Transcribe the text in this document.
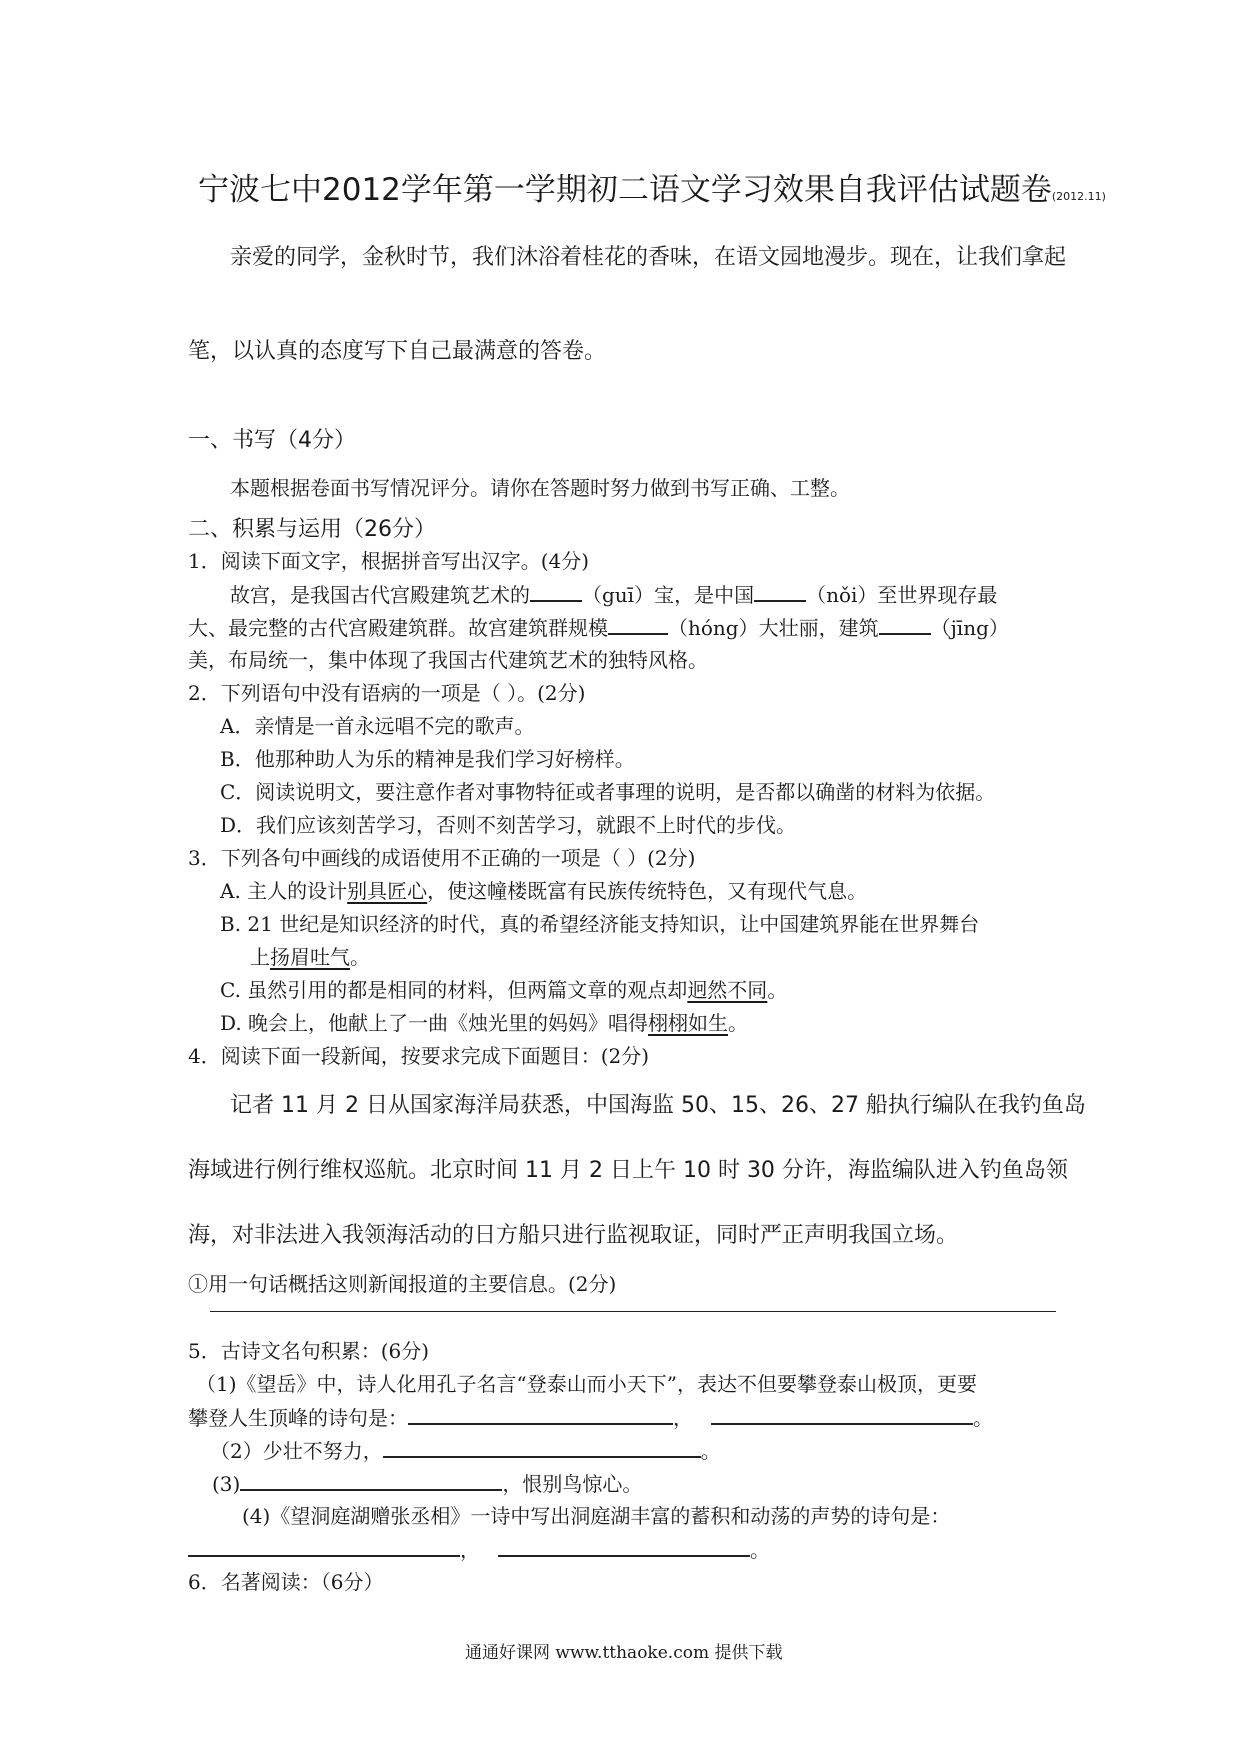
宁波七中2012学年第一学期初二语文学习效果自我评估试题卷(2012.11)
亲爱的同学，金秋时节，我们沐浴着桂花的香味，在语文园地漫步。现在，让我们拿起
笔，以认真的态度写下自己最满意的答卷。
一、书写（4分）
本题根据卷面书写情况评分。请你在答题时努力做到书写正确、工整。
二、积累与运用（26分）
1．阅读下面文字，根据拼音写出汉字。(4分)
故宫，是我国古代宫殿建筑艺术的	（guī）宝，是中国	（nǒi）至世界现存最
大、最完整的古代宫殿建筑群。故宫建筑群规模	（hóng）大壮丽，建筑	（jīng）
美，布局统一，集中体现了我国古代建筑艺术的独特风格。
2．下列语句中没有语病的一项是（ ）。(2分)
A．亲情是一首永远唱不完的歌声。
B．他那种助人为乐的精神是我们学习好榜样。
C．阅读说明文，要注意作者对事物特征或者事理的说明，是否都以确凿的材料为依据。
D．我们应该刻苦学习，否则不刻苦学习，就跟不上时代的步伐。
3．下列各句中画线的成语使用不正确的一项是（ ）(2分)
A. 主人的设计别具匠心，使这幢楼既富有民族传统特色，又有现代气息。
B. 21 世纪是知识经济的时代，真的希望经济能支持知识，让中国建筑界能在世界舞台
上扬眉吐气。
C. 虽然引用的都是相同的材料，但两篇文章的观点却迥然不同。
D. 晚会上，他献上了一曲《烛光里的妈妈》唱得栩栩如生。
4．阅读下面一段新闻，按要求完成下面题目：(2分)
记者 11 月 2 日从国家海洋局获悉，中国海监 50、15、26、27 船执行编队在我钓鱼岛
海域进行例行维权巡航。北京时间 11 月 2 日上午 10 时 30 分许，海监编队进入钓鱼岛领
海，对非法进入我领海活动的日方船只进行监视取证，同时严正声明我国立场。
①用一句话概括这则新闻报道的主要信息。(2分)
5．古诗文名句积累：(6分)
（1)《望岳》中，诗人化用孔子名言“登泰山而小天下”，表达不但要攀登泰山极顶，更要
攀登人生顶峰的诗句是：	，	。
（2）少壮不努力，	。
(3)	，恨别鸟惊心。
(4)《望洞庭湖赠张丞相》一诗中写出洞庭湖丰富的蓄积和动荡的声势的诗句是：
，	。
6．名著阅读：（6分）
通通好课网 www.tthaoke.com 提供下载
